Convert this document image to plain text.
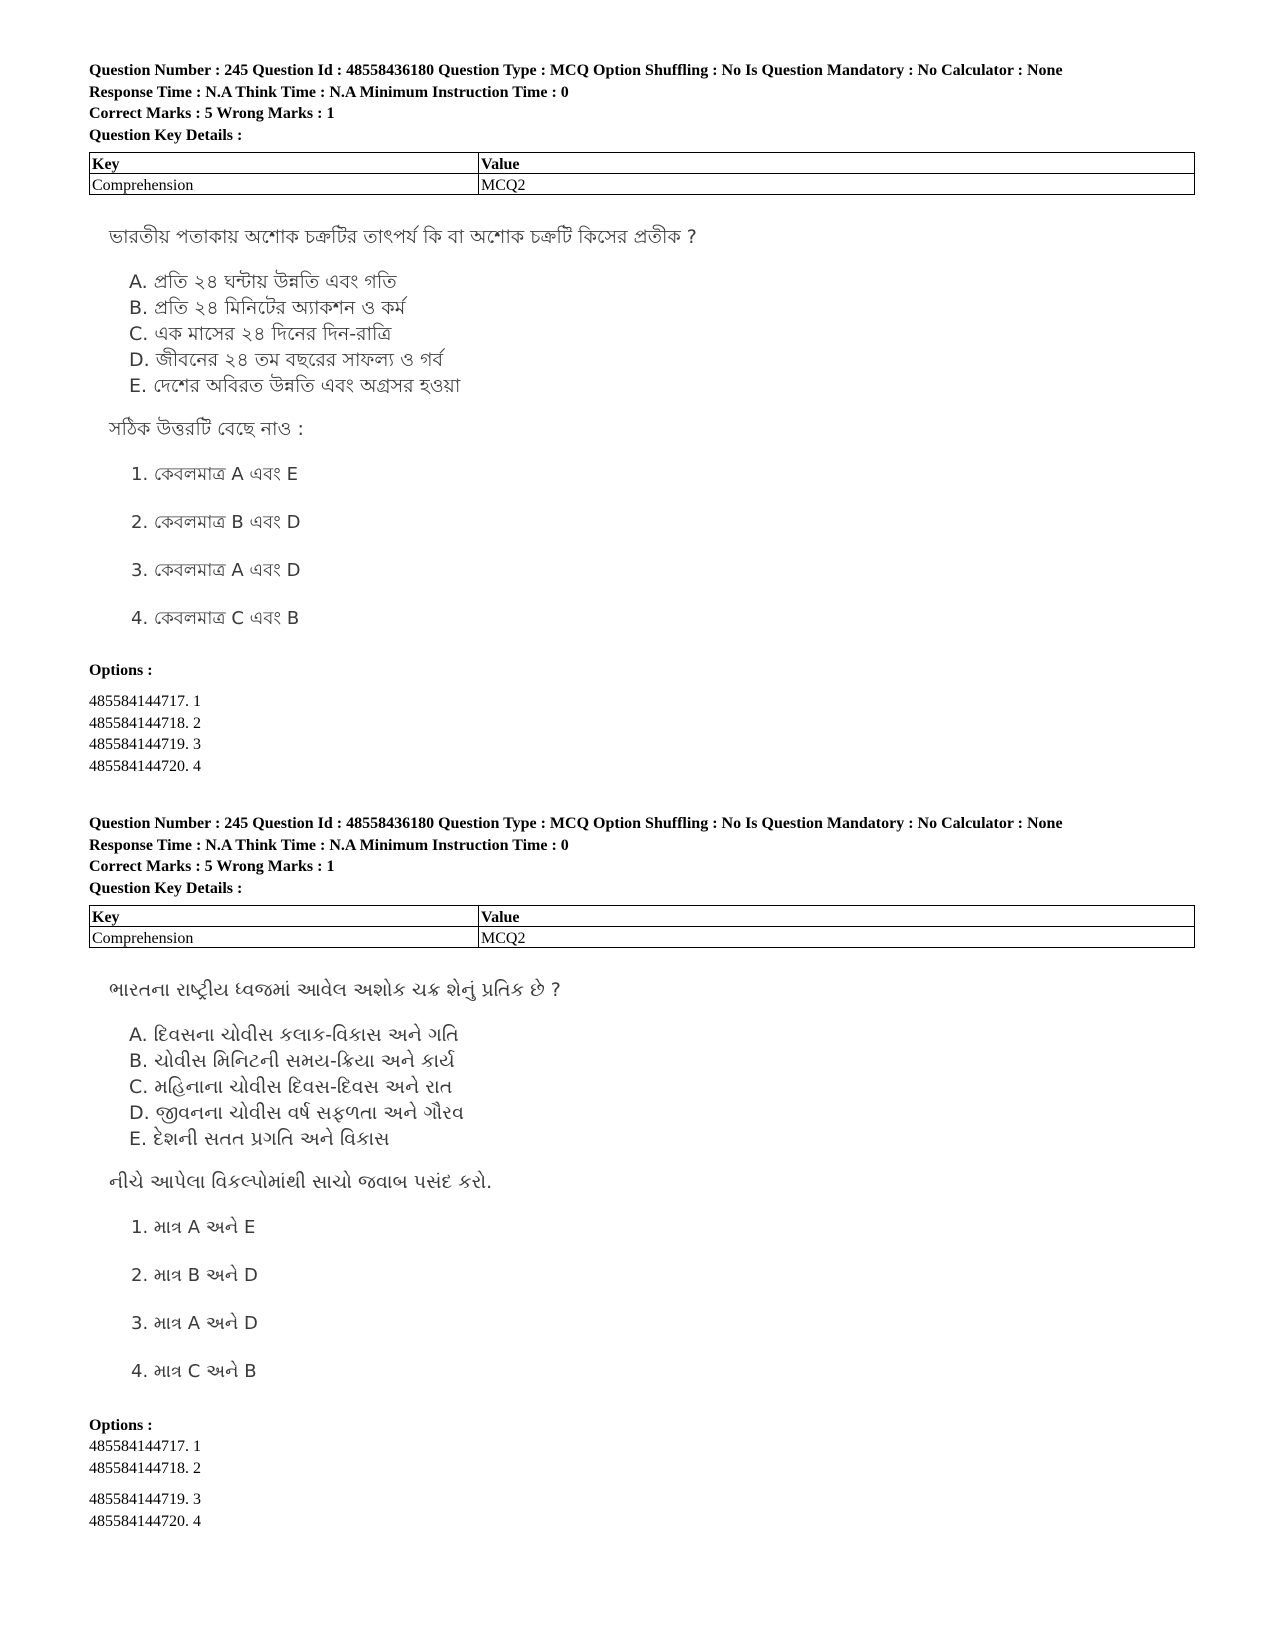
Question Number : 245 Question Id : 48558436180 Question Type : MCQ Option Shuffling : No Is Question Mandatory : No Calculator : None

Response Time : N.A Think Time : N.A Minimum Instruction Time : 0

Correct Marks : 5 Wrong Marks : 1

Question Key Details :

Key	Value
Comprehension	MCQ2

ভারতীয় পতাকায় অশোক চক্রটির তাৎপর্য কি বা অশোক চক্রটি কিসের প্রতীক ?

A. প্রতি ২৪ ঘন্টায় উন্নতি এবং গতি
B. প্রতি ২৪ মিনিটের অ্যাকশন ও কর্ম
C. এক মাসের ২৪ দিনের দিন-রাত্রি
D. জীবনের ২৪ তম বছরের সাফল্য ও গর্ব
E. দেশের অবিরত উন্নতি এবং অগ্রসর হওয়া
সঠিক উত্তরটি বেছে নাও :
1. কেবলমাত্র A এবং E
2. কেবলমাত্র B এবং D
3. কেবলমাত্র A এবং D
4. কেবলমাত্র C এবং B
Options :
485584144717. 1
485584144718. 2
485584144719. 3
485584144720. 4

Question Number : 245 Question Id : 48558436180 Question Type : MCQ Option Shuffling : No Is Question Mandatory : No Calculator : None

Response Time : N.A Think Time : N.A Minimum Instruction Time : 0

Correct Marks : 5 Wrong Marks : 1

Question Key Details :

Key	Value
Comprehension	MCQ2

ભારતના રાષ્ટ્રીય ધ્વજમાં આવેલ અશોક ચક્ર શેનું પ્રતિક છે ?

A. દિવસના ચોવીસ કલાક-વિકાસ અને ગતિ
B. ચોવીસ મિનિટની સમય-ક્રિયા અને કાર્ય
C. મહિનાના ચોવીસ દિવસ-દિવસ અને રાત
D. જીવનના ચોવીસ વર્ષ સફળતા અને ગૌરવ
E. દેશની સતત પ્રગતિ અને વિકાસ
નીચે આપેલા વિકલ્પોમાંથી સાચો જવાબ પસંદ કરો.
1. માત્ર A અને E
2. માત્ર B અને D
3. માત્ર A અને D
4. માત્ર C અને B
Options :
485584144717. 1
485584144718. 2
485584144719. 3
485584144720. 4
